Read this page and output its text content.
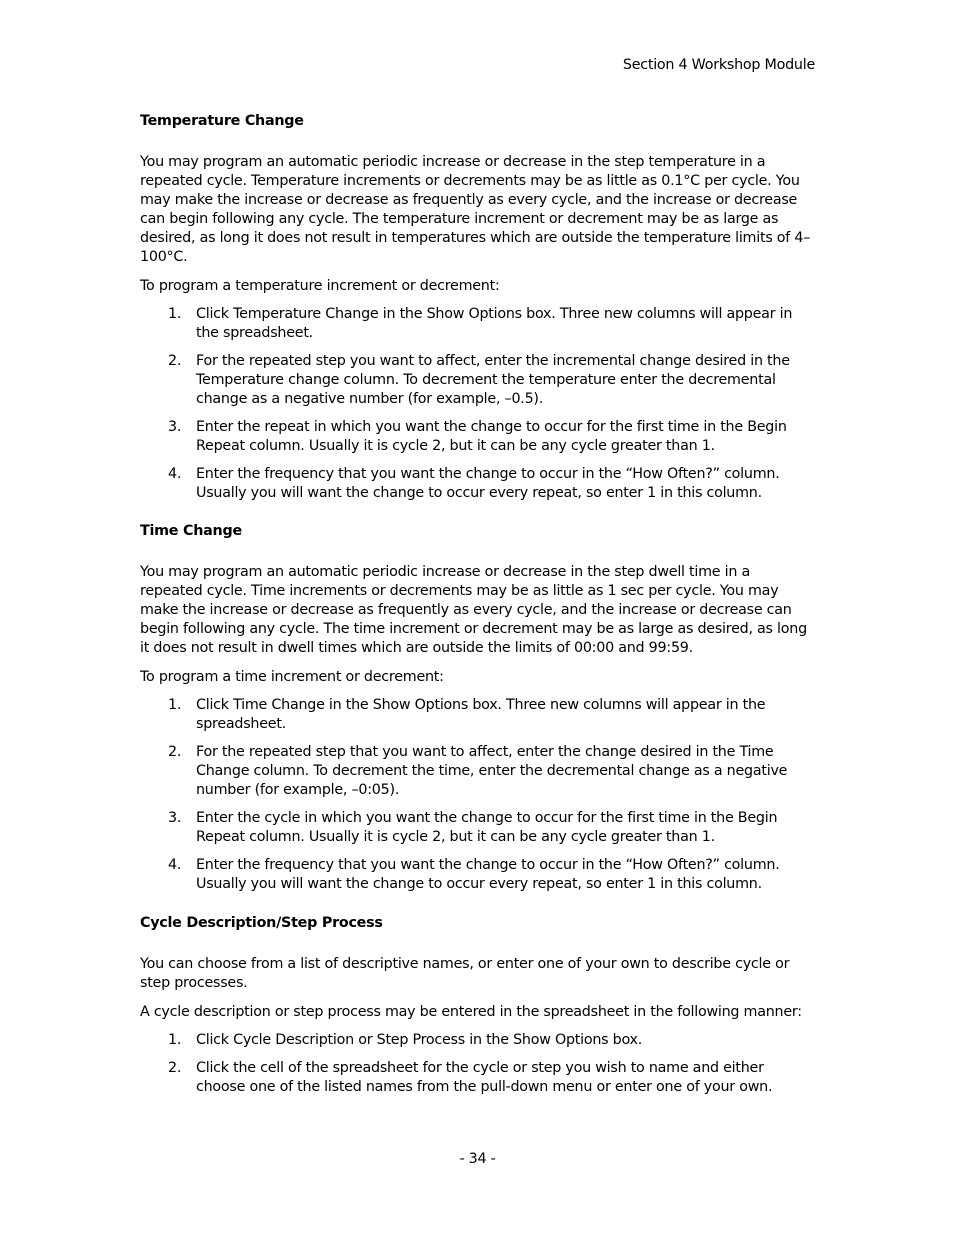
Section 4 Workshop Module

Temperature Change

You may program an automatic periodic increase or decrease in the step temperature in a repeated cycle. Temperature increments or decrements may be as little as 0.1°C per cycle. You may make the increase or decrease as frequently as every cycle, and the increase or decrease can begin following any cycle. The temperature increment or decrement may be as large as desired, as long it does not result in temperatures which are outside the temperature limits of 4–100°C.

To program a temperature increment or decrement:

1. Click Temperature Change in the Show Options box. Three new columns will appear in the spreadsheet.
2. For the repeated step you want to affect, enter the incremental change desired in the Temperature change column. To decrement the temperature enter the decremental change as a negative number (for example, –0.5).
3. Enter the repeat in which you want the change to occur for the first time in the Begin Repeat column. Usually it is cycle 2, but it can be any cycle greater than 1.
4. Enter the frequency that you want the change to occur in the “How Often?” column. Usually you will want the change to occur every repeat, so enter 1 in this column.

Time Change

You may program an automatic periodic increase or decrease in the step dwell time in a repeated cycle. Time increments or decrements may be as little as 1 sec per cycle. You may make the increase or decrease as frequently as every cycle, and the increase or decrease can begin following any cycle. The time increment or decrement may be as large as desired, as long it does not result in dwell times which are outside the limits of 00:00 and 99:59.

To program a time increment or decrement:

1. Click Time Change in the Show Options box. Three new columns will appear in the spreadsheet.
2. For the repeated step that you want to affect, enter the change desired in the Time Change column. To decrement the time, enter the decremental change as a negative number (for example, –0:05).
3. Enter the cycle in which you want the change to occur for the first time in the Begin Repeat column. Usually it is cycle 2, but it can be any cycle greater than 1.
4. Enter the frequency that you want the change to occur in the “How Often?” column. Usually you will want the change to occur every repeat, so enter 1 in this column.

Cycle Description/Step Process

You can choose from a list of descriptive names, or enter one of your own to describe cycle or step processes.

A cycle description or step process may be entered in the spreadsheet in the following manner:

1. Click Cycle Description or Step Process in the Show Options box.
2. Click the cell of the spreadsheet for the cycle or step you wish to name and either choose one of the listed names from the pull-down menu or enter one of your own.
- 34 -
